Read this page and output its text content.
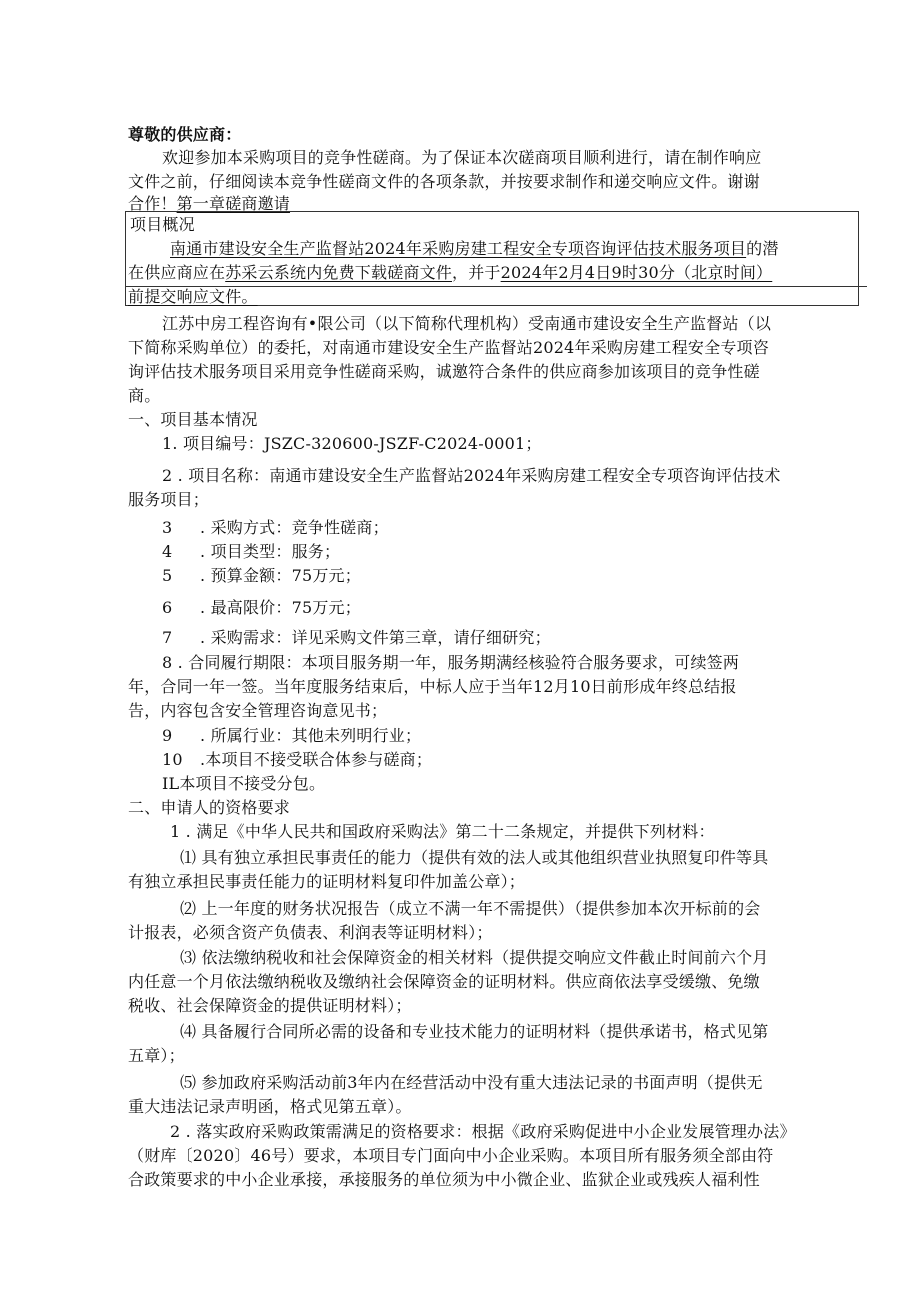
尊敬的供应商：
欢迎参加本采购项目的竞争性磋商。为了保证本次磋商项目顺利进行，请在制作响应
文件之前，仔细阅读本竞争性磋商文件的各项条款，并按要求制作和递交响应文件。谢谢
合作！第一章磋商邀请
项目概况
南通市建设安全生产监督站2024年采购房建工程安全专项咨询评估技术服务项目的潜
在供应商应在苏采云系统内免费下载磋商文件，并于2024年2月4日9时30分（北京时间）
前提交响应文件。
江苏中房工程咨询有•限公司（以下简称代理机构）受南通市建设安全生产监督站（以
下简称采购单位）的委托，对南通市建设安全生产监督站2024年采购房建工程安全专项咨
询评估技术服务项目采用竞争性磋商采购，诚邀符合条件的供应商参加该项目的竞争性磋
商。
一、项目基本情况
1. 项目编号：JSZC-320600-JSZF-C2024-0001；
2 . 项目名称：南通市建设安全生产监督站2024年采购房建工程安全专项咨询评估技术
服务项目；
3 . 采购方式：竞争性磋商；
4 . 项目类型：服务；
5 . 预算金额：75万元；
6 . 最高限价：75万元；
7 . 采购需求：详见采购文件第三章，请仔细研究；
8 . 合同履行期限：本项目服务期一年，服务期满经核验符合服务要求，可续签两
年，合同一年一签。当年度服务结束后，中标人应于当年12月10日前形成年终总结报
告，内容包含安全管理咨询意见书；
9 . 所属行业：其他未列明行业；
10 .本项目不接受联合体参与磋商；
IL本项目不接受分包。
二、申请人的资格要求
1 . 满足《中华人民共和国政府采购法》第二十二条规定，并提供下列材料：
⑴ 具有独立承担民事责任的能力（提供有效的法人或其他组织营业执照复印件等具
有独立承担民事责任能力的证明材料复印件加盖公章）；
⑵ 上一年度的财务状况报告（成立不满一年不需提供）（提供参加本次开标前的会
计报表，必须含资产负债表、利润表等证明材料）；
⑶ 依法缴纳税收和社会保障资金的相关材料（提供提交响应文件截止时间前六个月
内任意一个月依法缴纳税收及缴纳社会保障资金的证明材料。供应商依法享受缓缴、免缴
税收、社会保障资金的提供证明材料）；
⑷ 具备履行合同所必需的设备和专业技术能力的证明材料（提供承诺书，格式见第
五章）；
⑸ 参加政府采购活动前3年内在经营活动中没有重大违法记录的书面声明（提供无
重大违法记录声明函，格式见第五章）。
2 . 落实政府采购政策需满足的资格要求：根据《政府采购促进中小企业发展管理办法》
（财库〔2020〕46号）要求，本项目专门面向中小企业采购。本项目所有服务须全部由符
合政策要求的中小企业承接，承接服务的单位须为中小微企业、监狱企业或残疾人福利性
